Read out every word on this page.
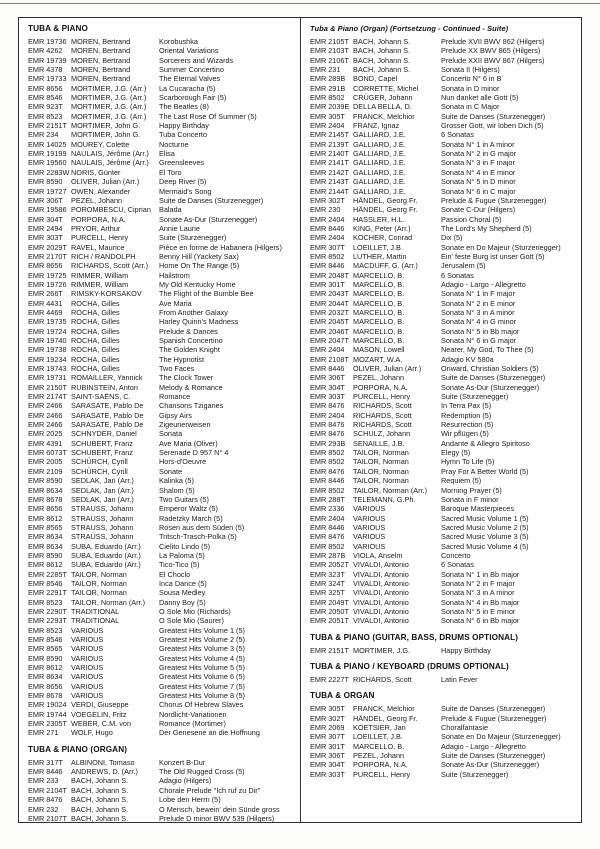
TUBA & PIANO
EMR 19736 MOREN, Bertrand	Korobushka
EMR 4262	MOREN, Bertrand	Oriental Variations
EMR 19739 MOREN, Bertrand	Sorcerers and Wizards
EMR 4378	MOREN, Bertrand	Summer Concertino
EMR 19733 MOREN, Bertrand	The Eternal Valves
EMR 8656	MORTIMER, J.G. (Arr.)	La Cucaracha (5)
EMR 8546	MORTIMER, J.G. (Arr.)	Scarborough Fair (5)
EMR 923T	MORTIMER, J.G. (Arr.)	The Beatles (8)
EMR 8523	MORTIMER, J.G. (Arr.)	The Last Rose Of Summer (5)
EMR 2151T MORTIMER, John G.	Happy Birthday
EMR 234	MORTIMER, John G.	Tuba Concerto
EMR 14025 MOUREY, Colette	Nocturne
EMR 19199 NAULAIS, Jérôme (Arr.)	Elisa
EMR 19560 NAULAIS, Jérôme (Arr.)	Greensleeves
EMR 2283W NORIS, Günter	El Toro
EMR 8590	OLIVER, Julian (Arr.)	Deep River (5)
EMR 19727 OWEN, Alexander	Mermaid's Song
EMR 306T	PEZEL, Johann	Suite de Danses (Sturzenegger)
EMR 19586 POROMBESCU, Ciprian	Balada
EMR 304T	PORPORA, N.A.	Sonate As-Dur (Sturzenegger)
EMR 2494	PRYOR, Arthur	Annie Laurie
EMR 303T	PURCELL, Henry	Suite (Sturzenegger)
EMR 2029T RAVEL, Maurice	Pièce en forme de Habanera (Hilgers)
EMR 2170T RICH / RANDOLPH	Benny Hill (Yackety Sax)
EMR 8656	RICHARDS, Scott (Arr.)	Home On The Range (5)
EMR 19725 RIMMER, William	Hailstrom
EMR 19726 RIMMER, William	My Old Kentucky Home
EMR 266T	RIMSKY-KORSAKOV	The Flight of the Bumble Bee
EMR 4431	ROCHA, Gilles	Ave Maria
EMR 4469	ROCHA, Gilles	From Another Galaxy
EMR 19735 ROCHA, Gilles	Harley Quinn's Madness
EMR 19724 ROCHA, Gilles	Prelude & Dances
EMR 19740 ROCHA, Gilles	Spanish Concertino
EMR 19738 ROCHA, Gilles	The Golden Knight
EMR 19234 ROCHA, Gilles	The Hypnotist
EMR 19743 ROCHA, Gilles	Two Faces
EMR 19731 ROMAILLER, Yannick	The Clock Tower
EMR 2150T RUBINSTEIN, Anton	Melody & Romance
EMR 2174T SAINT-SAËNS, C.	Romance
EMR 2466	SARASATE, Pablo De	Chansons Tziganes
EMR 2466	SARASATE, Pablo De	Gipsy Airs
EMR 2466	SARASATE, Pablo De	Zigeunerweisen
EMR 2025	SCHNYDER, Daniel	Sonata
EMR 4391	SCHUBERT, Franz	Ave Maria (Oliver)
EMR 6073T SCHUBERT, Franz	Serenade D 957 N° 4
EMR 2005	SCHÜRCH, Cyrill	Hors-d'Oeuvre
EMR 2109	SCHÜRCH, Cyrill	Sonate
EMR 8590	SEDLAK, Jan (Arr.)	Kalinka (5)
EMR 8634	SEDLAK, Jan (Arr.)	Shalom (5)
EMR 8678	SEDLAK, Jan (Arr.)	Two Guitars (5)
EMR 8656	STRAUSS, Johann	Emperor Waltz (5)
EMR 8612	STRAUSS, Johann	Radetzky March (5)
EMR 8565	STRAUSS, Johann	Rosen aus dem Süden (5)
EMR 8634	STRAUSS, Johann	Tritsch-Trasch-Polka (5)
EMR 8634	SUBA, Eduardo (Arr.)	Cielito Lindo (5)
EMR 8590	SUBA, Eduardo (Arr.)	La Paloma (5)
EMR 8612	SUBA, Eduardo (Arr.)	Tico-Tico (5)
EMR 2285T TAILOR, Norman	El Choclo
EMR 8546	TAILOR, Norman	Inca Dance (5)
EMR 2291T TAILOR, Norman	Sousa Medley
EMR 8523	TAILOR, Norman (Arr.)	Danny Boy (5)
EMR 2290T TRADITIONAL	O Sole Mio (Richards)
EMR 2293T TRADITIONAL	O Sole Mio (Saurer)
EMR 8523	VARIOUS	Greatest Hits Volume 1 (5)
EMR 8546	VARIOUS	Greatest Hits Volume 2 (5)
EMR 8565	VARIOUS	Greatest Hits Volume 3 (5)
EMR 8590	VARIOUS	Greatest Hits Volume 4 (5)
EMR 8612	VARIOUS	Greatest Hits Volume 5 (5)
EMR 8634	VARIOUS	Greatest Hits Volume 6 (5)
EMR 8656	VARIOUS	Greatest Hits Volume 7 (5)
EMR 8678	VARIOUS	Greatest Hits Volume 8 (5)
EMR 19024 VERDI, Giuseppe	Chorus Of Hebrew Slaves
EMR 19744 VOEGELIN, Fritz	Nordlicht-Variationen
EMR 2305T WEBER, C.M. von	Romance (Mortimer)
EMR 271	WOLF, Hugo	Der Genesene an die Hoffnung
TUBA & PIANO (ORGAN)
EMR 317T	ALBINONI, Tomaso	Konzert B-Dur
EMR 8446	ANDREWS, D. (Arr.)	The Old Rugged Cross (5)
EMR 233	BACH, Johann S.	Adagio (Hilgers)
EMR 2104T BACH, Johann S.	Chorale Prelude "Ich ruf zu Dir"
EMR 8476	BACH, Johann S.	Lobe den Herrn (5)
EMR 232	BACH, Johann S.	O Mensch, bewein' dein Sünde gross
EMR 2107T BACH, Johann S.	Prelude D minor BWV 539 (Hilgers)
Tuba & Piano (Organ) (Fortsetzung - Continued - Suite)
EMR 2105T BACH, Johann S.	Prelude XVII BWV 862 (Hilgers)
EMR 2103T BACH, Johann S.	Prelude XX BWV 865 (Hilgers)
EMR 2106T BACH, Johann S.	Prelude XXII BWV 867 (Hilgers)
EMR 231	BACH, Johann S.	Sonata II (Hilgers)
EMR 289B	BOND, Capel	Concerto N° 6 in B
EMR 291B	CORRETTE, Michel	Sonata in D minor
EMR 8502	CRÜGER, Johann	Nun danket alle Gott (5)
EMR 2039E DELLA BELLA, D.	Sonata in C Major
EMR 305T	FRANCK, Melchior	Suite de Danses (Sturzenegger)
EMR 2404	FRANZ, Ignaz	Grosser Gott, wir loben Dich (5)
EMR 2145T GALLIARD, J.E.	6 Sonatas
EMR 2139T GALLIARD, J.E.	Sonata N° 1 in A minor
EMR 2140T GALLIARD, J.E.	Sonata N° 2 in G major
EMR 2141T GALLIARD, J.E.	Sonata N° 3 in F major
EMR 2142T GALLIARD, J.E.	Sonata N° 4 in E minor
EMR 2143T GALLIARD, J.E.	Sonata N° 5 in D minor
EMR 2144T GALLIARD, J.E.	Sonata N° 6 in C major
EMR 302T	HÄNDEL, Georg Fr.	Prelude & Fugue (Sturzenegger)
EMR 230	HÄNDEL, Georg Fr.	Sonate C-Dur (Hilgers)
EMR 2404	HASSLER, H.L.	Passion Choral (5)
EMR 8446	KING, Peter (Arr.)	The Lord's My Shepherd (5)
EMR 2404	KOCHER, Conrad	Dix (5)
EMR 307T	LOEILLET, J.B.	Sonate en Do Majeur (Sturzenegger)
EMR 8502	LUTHER, Martin	Ein' feste Burg ist unser Gott (5)
EMR 8446	MACDUFF, G. (Arr.)	Jerusalem (5)
EMR 2048T MARCELLO, B.	6 Sonatas
EMR 301T	MARCELLO, B.	Adagio - Largo - Allegretto
EMR 2043T MARCELLO, B.	Sonata N° 1 in F major
EMR 2044T MARCELLO, B.	Sonata N° 2 in E minor
EMR 2032T MARCELLO, B.	Sonata N° 3 in A minor
EMR 2045T MARCELLO, B.	Sonata N° 4 in G minor
EMR 2046T MARCELLO, B.	Sonata N° 5 in Bb major
EMR 2047T MARCELLO, B.	Sonata N° 6 in G major
EMR 2404	MASON, Lowell	Nearer, My God, To Thee (5)
EMR 2108T MOZART, W.A.	Adagio KV 580a
EMR 8446	OLIVER, Julian (Arr.)	Onward, Christian Soldiers (5)
EMR 306T	PEZEL, Johann	Suite de Danses (Sturzenegger)
EMR 304T	PORPORA, N.A.	Sonate As-Dur (Sturzenegger)
EMR 303T	PURCELL, Henry	Suite (Sturzenegger)
EMR 8476	RICHARDS, Scott	In Terra Pax (5)
EMR 2404	RICHARDS, Scott	Redemption (5)
EMR 8476	RICHARDS, Scott	Resurrection (5)
EMR 8476	SCHULZ, Johann	Wir pflügen (5)
EMR 293B	SENAILLE, J.B.	Andante & Allegro Spiritoso
EMR 8502	TAILOR, Norman	Elegy (5)
EMR 8502	TAILOR, Norman	Hymn To Life (5)
EMR 8476	TAILOR, Norman	Pray For A Better World (5)
EMR 8446	TAILOR, Norman	Requiem (5)
EMR 8502	TAILOR, Norman (Arr.)	Morning Prayer (5)
EMR 288T	TELEMANN, G.Ph.	Sonata in F minor
EMR 2336	VARIOUS	Baroque Masterpieces
EMR 2404	VARIOUS	Sacred Music Volume 1 (5)
EMR 8446	VARIOUS	Sacred Music Volume 2 (5)
EMR 8476	VARIOUS	Sacred Music Volume 3 (5)
EMR 8502	VARIOUS	Sacred Music Volume 4 (5)
EMR 287B	VIOLA, Anselm	Concerto
EMR 2052T VIVALDI, Antonio	6 Sonatas
EMR 323T	VIVALDI, Antonio	Sonata N° 1 in Bb major
EMR 324T	VIVALDI, Antonio	Sonata N° 2 in F major
EMR 325T	VIVALDI, Antonio	Sonata N° 3 in A minor
EMR 2049T VIVALDI, Antonio	Sonata N° 4 in Bb major
EMR 2050T VIVALDI, Antonio	Sonata N° 5 in E minor
EMR 2051T VIVALDI, Antonio	Sonata N° 6 in Bb major
TUBA & PIANO (GUITAR, BASS, DRUMS OPTIONAL)
EMR 2151T MORTIMER, J.G.	Happy Birthday
TUBA & PIANO / KEYBOARD (DRUMS OPTIONAL)
EMR 2227T RICHARDS, Scott	Latin Fever
TUBA & ORGAN
EMR 305T	FRANCK, Melchior	Suite de Danses (Sturzenegger)
EMR 302T	HÄNDEL, Georg Fr.	Prelude & Fugue (Sturzenegger)
EMR 2069	KOETSIER, Jan	Choralfantasie
EMR 307T	LOEILLET, J.B.	Sonate en Do Majeur (Sturzenegger)
EMR 301T	MARCELLO, B.	Adagio - Largo - Allegretto
EMR 306T	PEZEL, Johann	Suite de Danses (Sturzenegger)
EMR 304T	PORPORA, N.A.	Sonate As-Dur (Sturzenegger)
EMR 303T	PURCELL, Henry	Suite (Sturzenegger)
